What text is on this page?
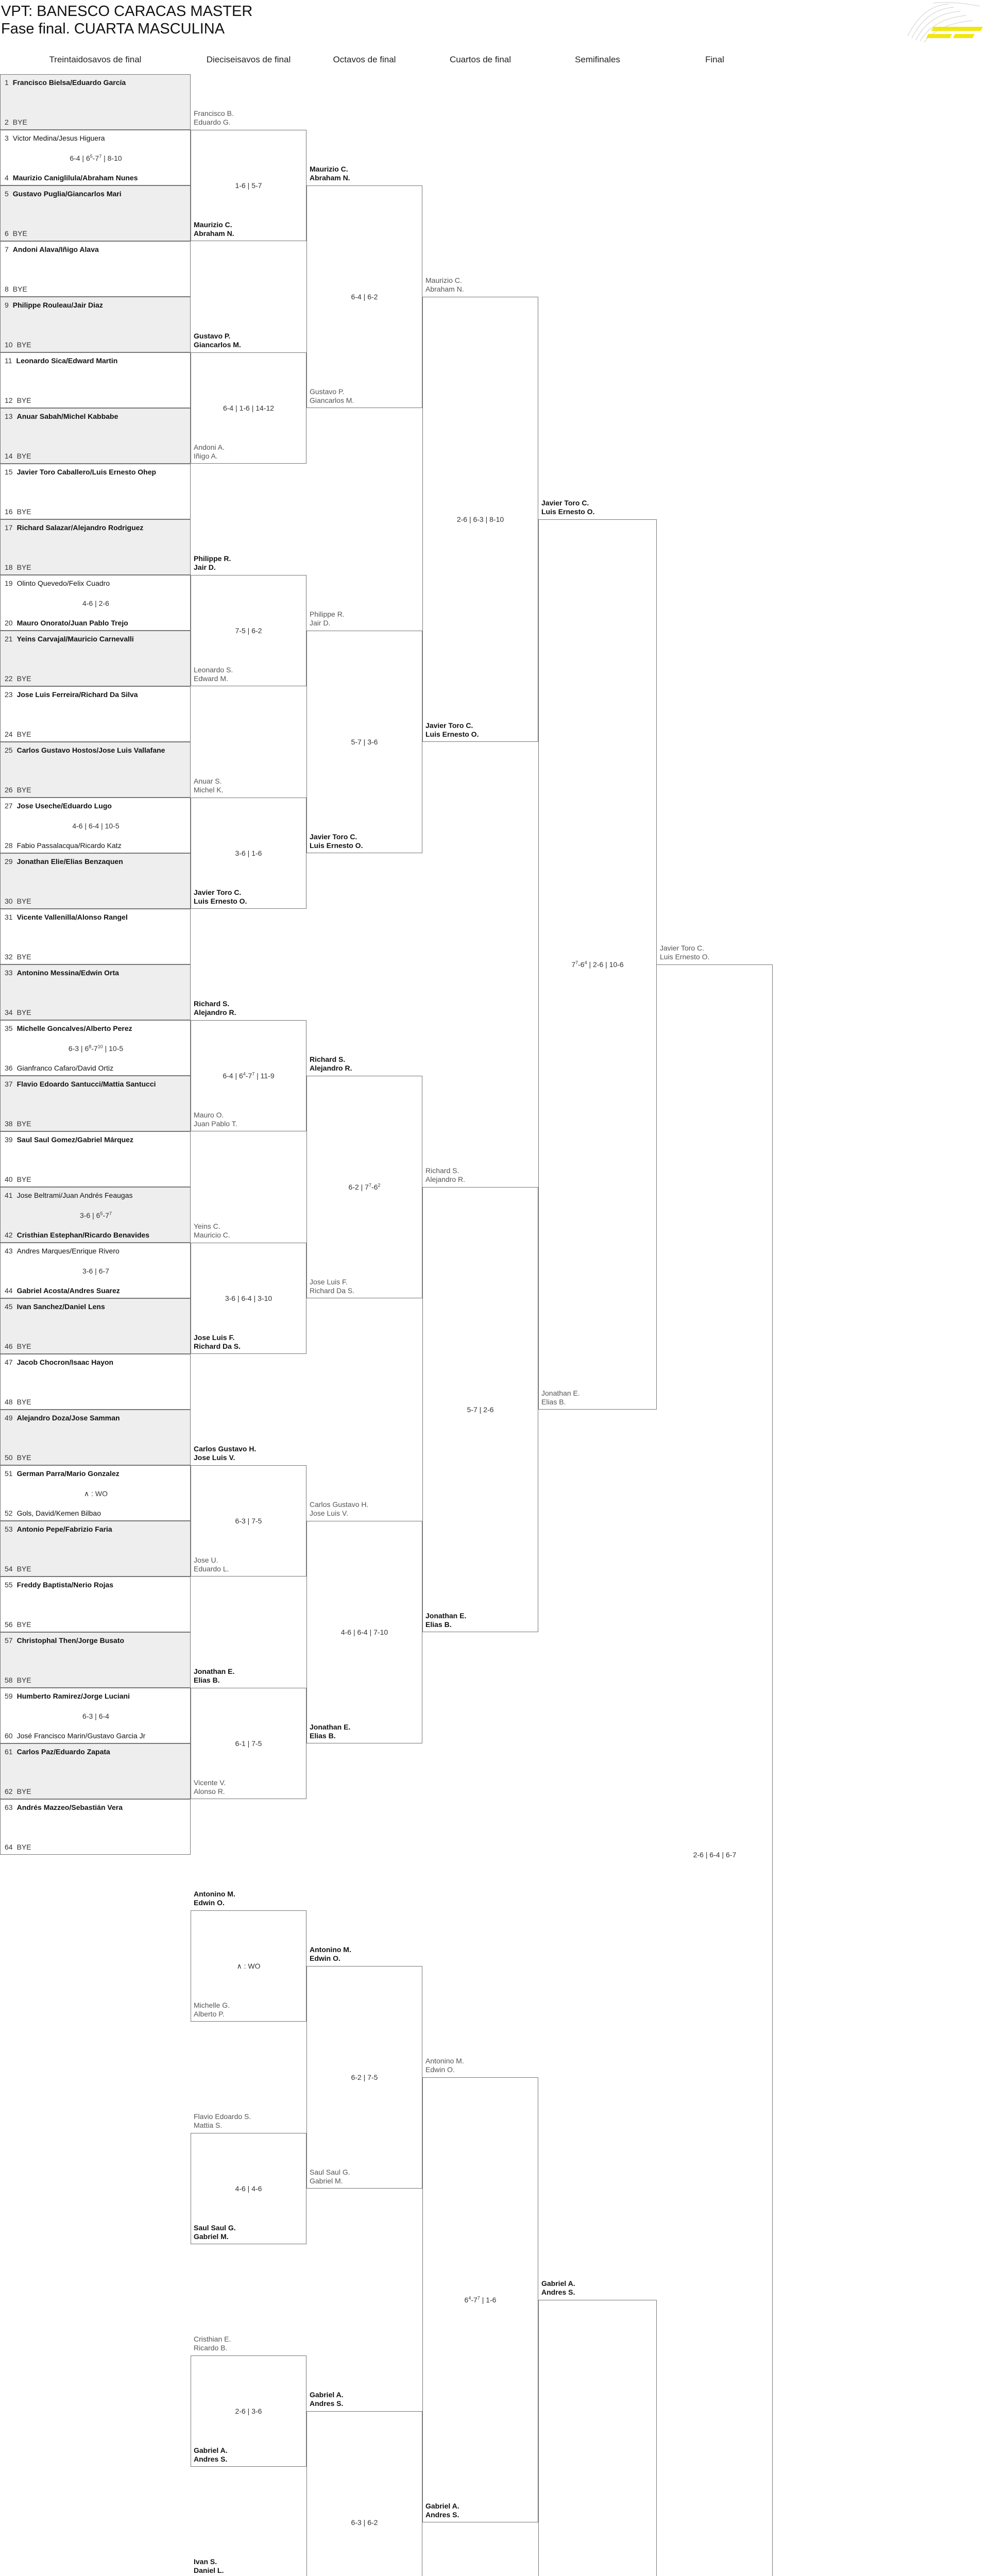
VPT: BANESCO CARACAS MASTER
Fase final. CUARTA MASCULINA
Treintaidosavos de final	Dieciseisavos de final	Octavos de final	Cuartos de final	Semifinales	Final
1 Francisco Bielsa/Eduardo García
2 BYE
3 Victor Medina/Jesus Higuera
4 Maurizio Caniglilula/Abraham Nunes
6-4 | $6^5-7^7$ | 8-10
5 Gustavo Puglia/Giancarlos Mari
6 BYE
7 Andoni Alava/Iñigo Alava
8 BYE
9 Philippe Rouleau/Jair Diaz
10 BYE
11 Leonardo Sica/Edward Martin
12 BYE
13 Anuar Sabah/Michel Kabbabe
14 BYE
15 Javier Toro Caballero/Luis Ernesto Ohep
16 BYE
17 Richard Salazar/Alejandro Rodriguez
18 BYE
19 Olinto Quevedo/Felix Cuadro
20 Mauro Onorato/Juan Pablo Trejo
4-6 | 2-6
21 Yeins Carvajal/Mauricio Carnevalli
22 BYE
23 Jose Luis Ferreira/Richard Da Silva
24 BYE
25 Carlos Gustavo Hostos/Jose Luis Vallafane
26 BYE
27 Jose Useche/Eduardo Lugo
28 Fabio Passalacqua/Ricardo Katz
4-6 | 6-4 | 10-5
29 Jonathan Elie/Elias Benzaquen
30 BYE
31 Vicente Vallenilla/Alonso Rangel
32 BYE
33 Antonino Messina/Edwin Orta
34 BYE
35 Michelle Goncalves/Alberto Perez
36 Gianfranco Cafaro/David Ortiz
6-3 | $6^8-7^{10}$ | 10-5
37 Flavio Edoardo Santucci/Mattia Santucci
38 BYE
39 Saul Saul Gomez/Gabriel Márquez
40 BYE
41 Jose Beltrami/Juan Andrés Feaugas
42 Cristhian Estephan/Ricardo Benavides
3-6 | $6^5-7^7$
43 Andres Marques/Enrique Rivero
44 Gabriel Acosta/Andres Suarez
3-6 | 6-7
45 Ivan Sanchez/Daniel Lens
46 BYE
47 Jacob Chocron/Isaac Hayon
48 BYE
49 Alejandro Doza/Jose Samman
50 BYE
51 German Parra/Mario Gonzalez
52 Gols, David/Kemen Bilbao
∧ : WO
53 Antonio Pepe/Fabrizio Faria
54 BYE
55 Freddy Baptista/Nerio Rojas
56 BYE
57 Christophal Then/Jorge Busato
58 BYE
59 Humberto Ramirez/Jorge Luciani
60 José Francisco Marin/Gustavo Garcia Jr
6-3 | 6-4
61 Carlos Paz/Eduardo Zapata
62 BYE
63 Andrés Mazzeo/Sebastián Vera
64 BYE
Francisco B.
Eduardo G.
Maurizio C.
Abraham N.
1-6 | 5-7
Gustavo P.
Giancarlos M.
Andoni A.
Iñigo A.
6-4 | 1-6 | 14-12
Philippe R.
Jair D.
Leonardo S.
Edward M.
7-5 | 6-2
Anuar S.
Michel K.
Javier Toro C.
Luis Ernesto O.
3-6 | 1-6
Richard S.
Alejandro R.
Mauro O.
Juan Pablo T.
6-4 | $6^4-7^7$ | 11-9
Yeins C.
Mauricio C.
Jose Luis F.
Richard Da S.
3-6 | 6-4 | 3-10
Carlos Gustavo H.
Jose Luis V.
Jose U.
Eduardo L.
6-3 | 7-5
Jonathan E.
Elias B.
Vicente V.
Alonso R.
6-1 | 7-5
Antonino M.
Edwin O.
Michelle G.
Alberto P.
∧ : WO
Flavio Edoardo S.
Mattia S.
Saul Saul G.
Gabriel M.
4-6 | 4-6
Cristhian E.
Ricardo B.
Gabriel A.
Andres S.
2-6 | 3-6
Ivan S.
Daniel L.
Maurizio C.
Abraham N.
Gustavo P.
Giancarlos M.
6-4 | 6-2
Philippe R.
Jair D.
Javier Toro C.
Luis Ernesto O.
5-7 | 3-6
Richard S.
Alejandro R.
Jose Luis F.
Richard Da S.
6-2 | $7^7-6^2$
Carlos Gustavo H.
Jose Luis V.
Jonathan E.
Elias B.
4-6 | 6-4 | 7-10
Antonino M.
Edwin O.
Saul Saul G.
Gabriel M.
6-2 | 7-5
Gabriel A.
Andres S.
6-3 | 6-2
Maurizio C.
Abraham N.
Javier Toro C.
Luis Ernesto O.
2-6 | 6-3 | 8-10
Richard S.
Alejandro R.
Jonathan E.
Elias B.
5-7 | 2-6
Antonino M.
Edwin O.
Gabriel A.
Andres S.
$6^4-7^7$ | 1-6
Javier Toro C.
Luis Ernesto O.
Jonathan E.
Elias B.
$7^7-6^4$ | 2-6 | 10-6
Gabriel A.
Andres S.
Javier Toro C.
Luis Ernesto O.
2-6 | 6-4 | 6-7
